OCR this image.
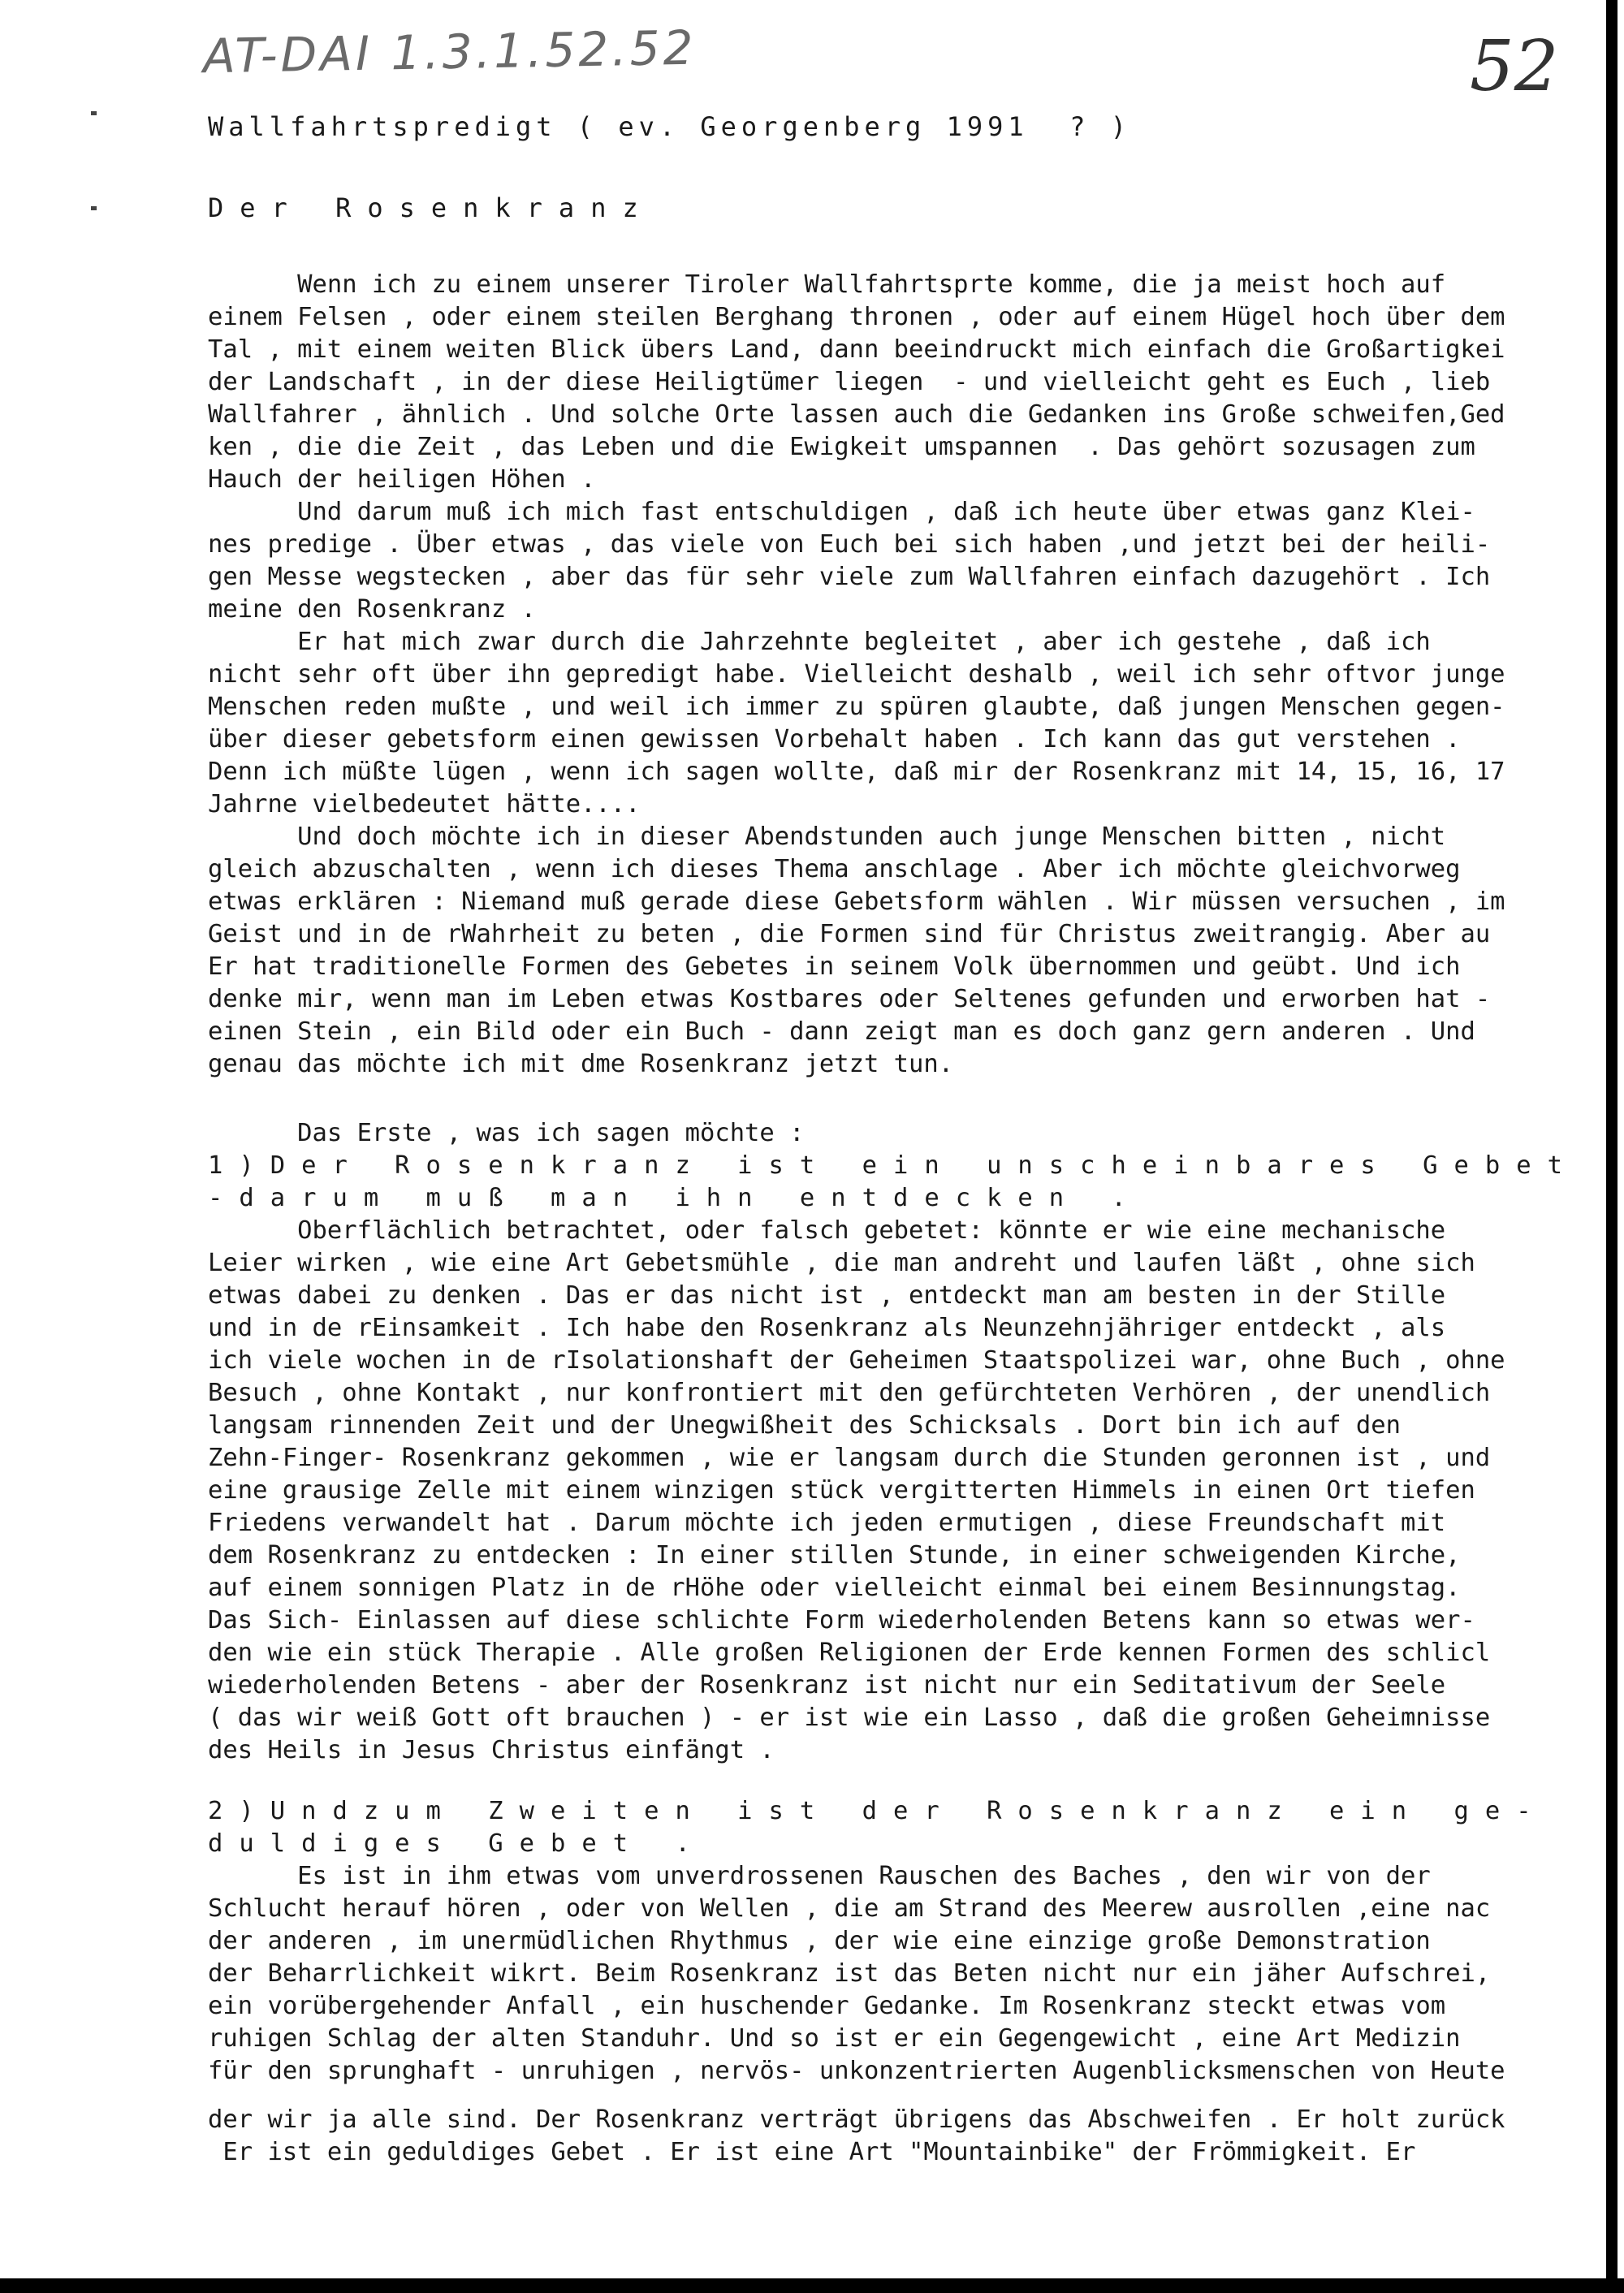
AT-DAI 1.3.1.52.52	52

Wallfahrtspredigt ( ev. Georgenberg 1991  ? )

Der Rosenkranz

Wenn ich zu einem unserer Tiroler Wallfahrtsprte komme, die ja meist hoch auf

einem Felsen , oder einem steilen Berghang thronen , oder auf einem Hügel hoch über dem

Tal , mit einem weiten Blick übers Land, dann beeindruckt mich einfach die Großartigkei

der Landschaft , in der diese Heiligtümer liegen  - und vielleicht geht es Euch , lieb

Wallfahrer , ähnlich . Und solche Orte lassen auch die Gedanken ins Große schweifen,Ged

ken , die die Zeit , das Leben und die Ewigkeit umspannen  . Das gehört sozusagen zum

Hauch der heiligen Höhen .

Und darum muß ich mich fast entschuldigen , daß ich heute über etwas ganz Klei-

nes predige . Über etwas , das viele von Euch bei sich haben ,und jetzt bei der heili-

gen Messe wegstecken , aber das für sehr viele zum Wallfahren einfach dazugehört . Ich

meine den Rosenkranz .

Er hat mich zwar durch die Jahrzehnte begleitet , aber ich gestehe , daß ich

nicht sehr oft über ihn gepredigt habe. Vielleicht deshalb , weil ich sehr oftvor junge

Menschen reden mußte , und weil ich immer zu spüren glaubte, daß jungen Menschen gegen-

über dieser gebetsform einen gewissen Vorbehalt haben . Ich kann das gut verstehen .

Denn ich müßte lügen , wenn ich sagen wollte, daß mir der Rosenkranz mit 14, 15, 16, 17

Jahrne vielbedeutet hätte....

Und doch möchte ich in dieser Abendstunden auch junge Menschen bitten , nicht

gleich abzuschalten , wenn ich dieses Thema anschlage . Aber ich möchte gleichvorweg

etwas erklären : Niemand muß gerade diese Gebetsform wählen . Wir müssen versuchen , im

Geist und in de rWahrheit zu beten , die Formen sind für Christus zweitrangig. Aber au

Er hat traditionelle Formen des Gebetes in seinem Volk übernommen und geübt. Und ich

denke mir, wenn man im Leben etwas Kostbares oder Seltenes gefunden und erworben hat -

einen Stein , ein Bild oder ein Buch - dann zeigt man es doch ganz gern anderen . Und

genau das möchte ich mit dme Rosenkranz jetzt tun.

Das Erste , was ich sagen möchte :

1)Der Rosenkranz ist ein unscheinbares Gebet

-darum muß man ihn entdecken .

Oberflächlich betrachtet, oder falsch gebetet: könnte er wie eine mechanische

Leier wirken , wie eine Art Gebetsmühle , die man andreht und laufen läßt , ohne sich

etwas dabei zu denken . Das er das nicht ist , entdeckt man am besten in der Stille

und in de rEinsamkeit . Ich habe den Rosenkranz als Neunzehnjähriger entdeckt , als

ich viele wochen in de rIsolationshaft der Geheimen Staatspolizei war, ohne Buch , ohne

Besuch , ohne Kontakt , nur konfrontiert mit den gefürchteten Verhören , der unendlich

langsam rinnenden Zeit und der Unegwißheit des Schicksals . Dort bin ich auf den

Zehn-Finger- Rosenkranz gekommen , wie er langsam durch die Stunden geronnen ist , und

eine grausige Zelle mit einem winzigen stück vergitterten Himmels in einen Ort tiefen

Friedens verwandelt hat . Darum möchte ich jeden ermutigen , diese Freundschaft mit

dem Rosenkranz zu entdecken : In einer stillen Stunde, in einer schweigenden Kirche,

auf einem sonnigen Platz in de rHöhe oder vielleicht einmal bei einem Besinnungstag.

Das Sich- Einlassen auf diese schlichte Form wiederholenden Betens kann so etwas wer-

den wie ein stück Therapie . Alle großen Religionen der Erde kennen Formen des schlicl

wiederholenden Betens - aber der Rosenkranz ist nicht nur ein Seditativum der Seele

( das wir weiß Gott oft brauchen ) - er ist wie ein Lasso , daß die großen Geheimnisse

des Heils in Jesus Christus einfängt .

2)Undzum Zweiten ist der Rosenkranz ein ge-

duldiges Gebet .

Es ist in ihm etwas vom unverdrossenen Rauschen des Baches , den wir von der

Schlucht herauf hören , oder von Wellen , die am Strand des Meerew ausrollen ,eine nac

der anderen , im unermüdlichen Rhythmus , der wie eine einzige große Demonstration

der Beharrlichkeit wikrt. Beim Rosenkranz ist das Beten nicht nur ein jäher Aufschrei,

ein vorübergehender Anfall , ein huschender Gedanke. Im Rosenkranz steckt etwas vom

ruhigen Schlag der alten Standuhr. Und so ist er ein Gegengewicht , eine Art Medizin

für den sprunghaft - unruhigen , nervös- unkonzentrierten Augenblicksmenschen von Heute

der wir ja alle sind. Der Rosenkranz verträgt übrigens das Abschweifen . Er holt zurück

Er ist ein geduldiges Gebet . Er ist eine Art "Mountainbike" der Frömmigkeit. Er
